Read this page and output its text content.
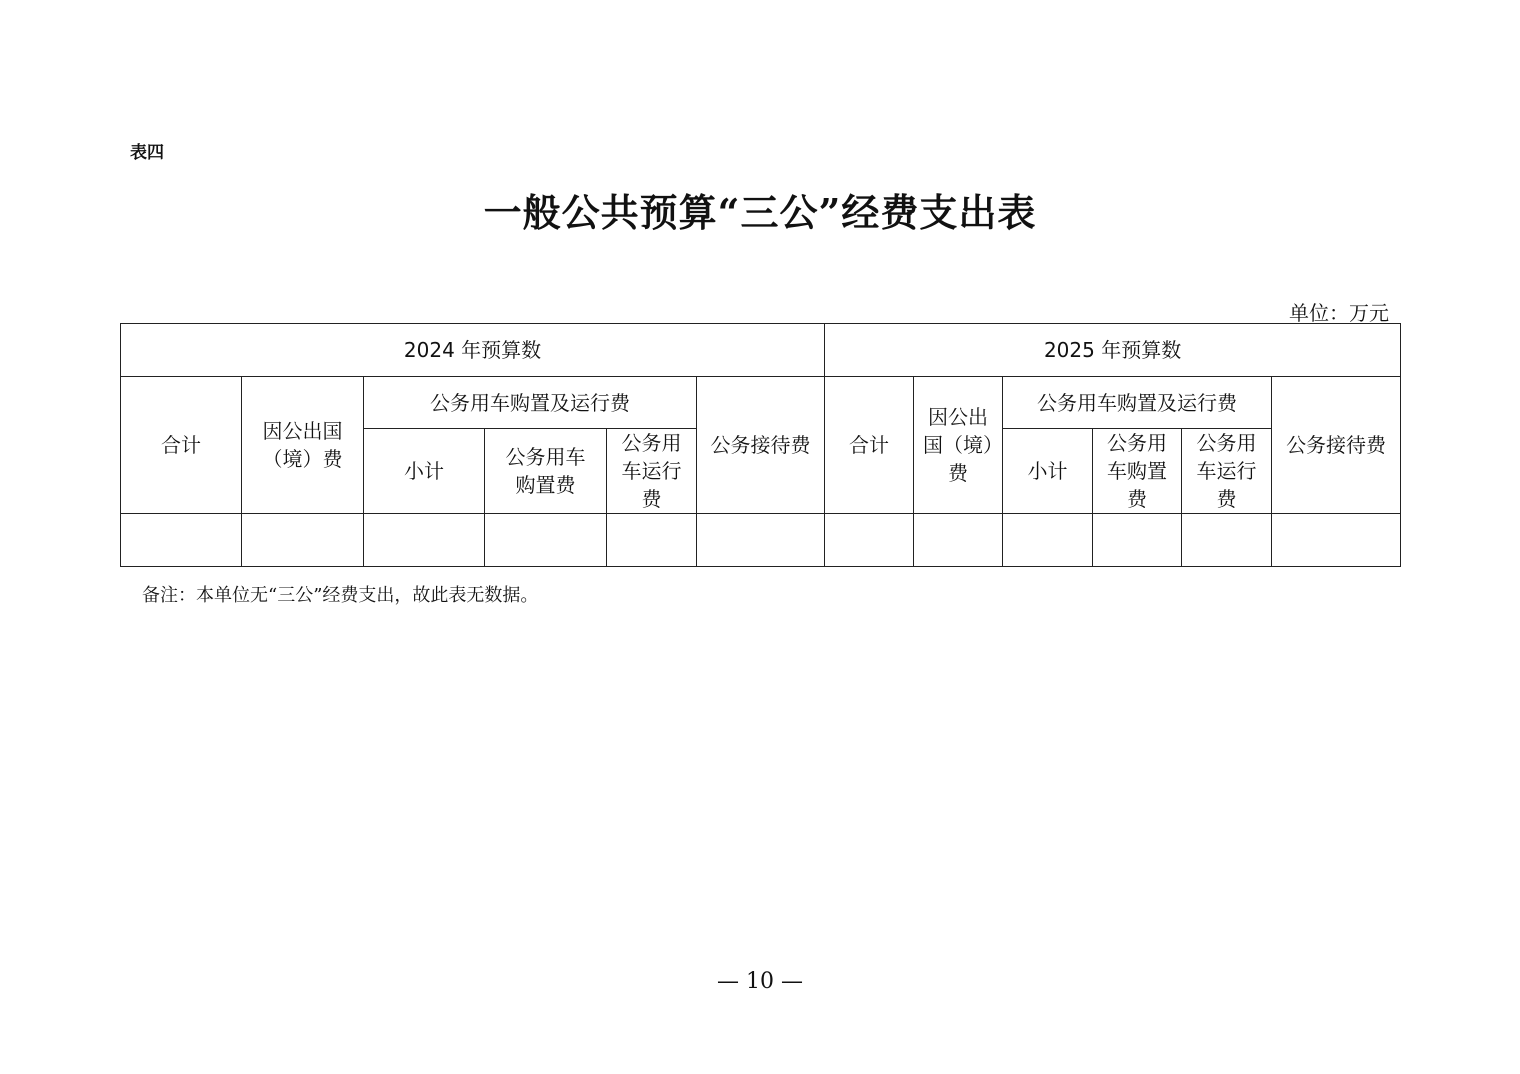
表四
一般公共预算“三公”经费支出表
单位：万元
2024 年预算数						2025 年预算数					
合计	因公出国（境）费	公务用车购置及运行费			公务接待费	合计	因公出国（境）费	公务用车购置及运行费			公务接待费
		小计	公务用车购置费	公务用车运行费				小计	公务用车购置费	公务用车运行费	

备注：本单位无“三公”经费支出，故此表无数据。
— 10 —
